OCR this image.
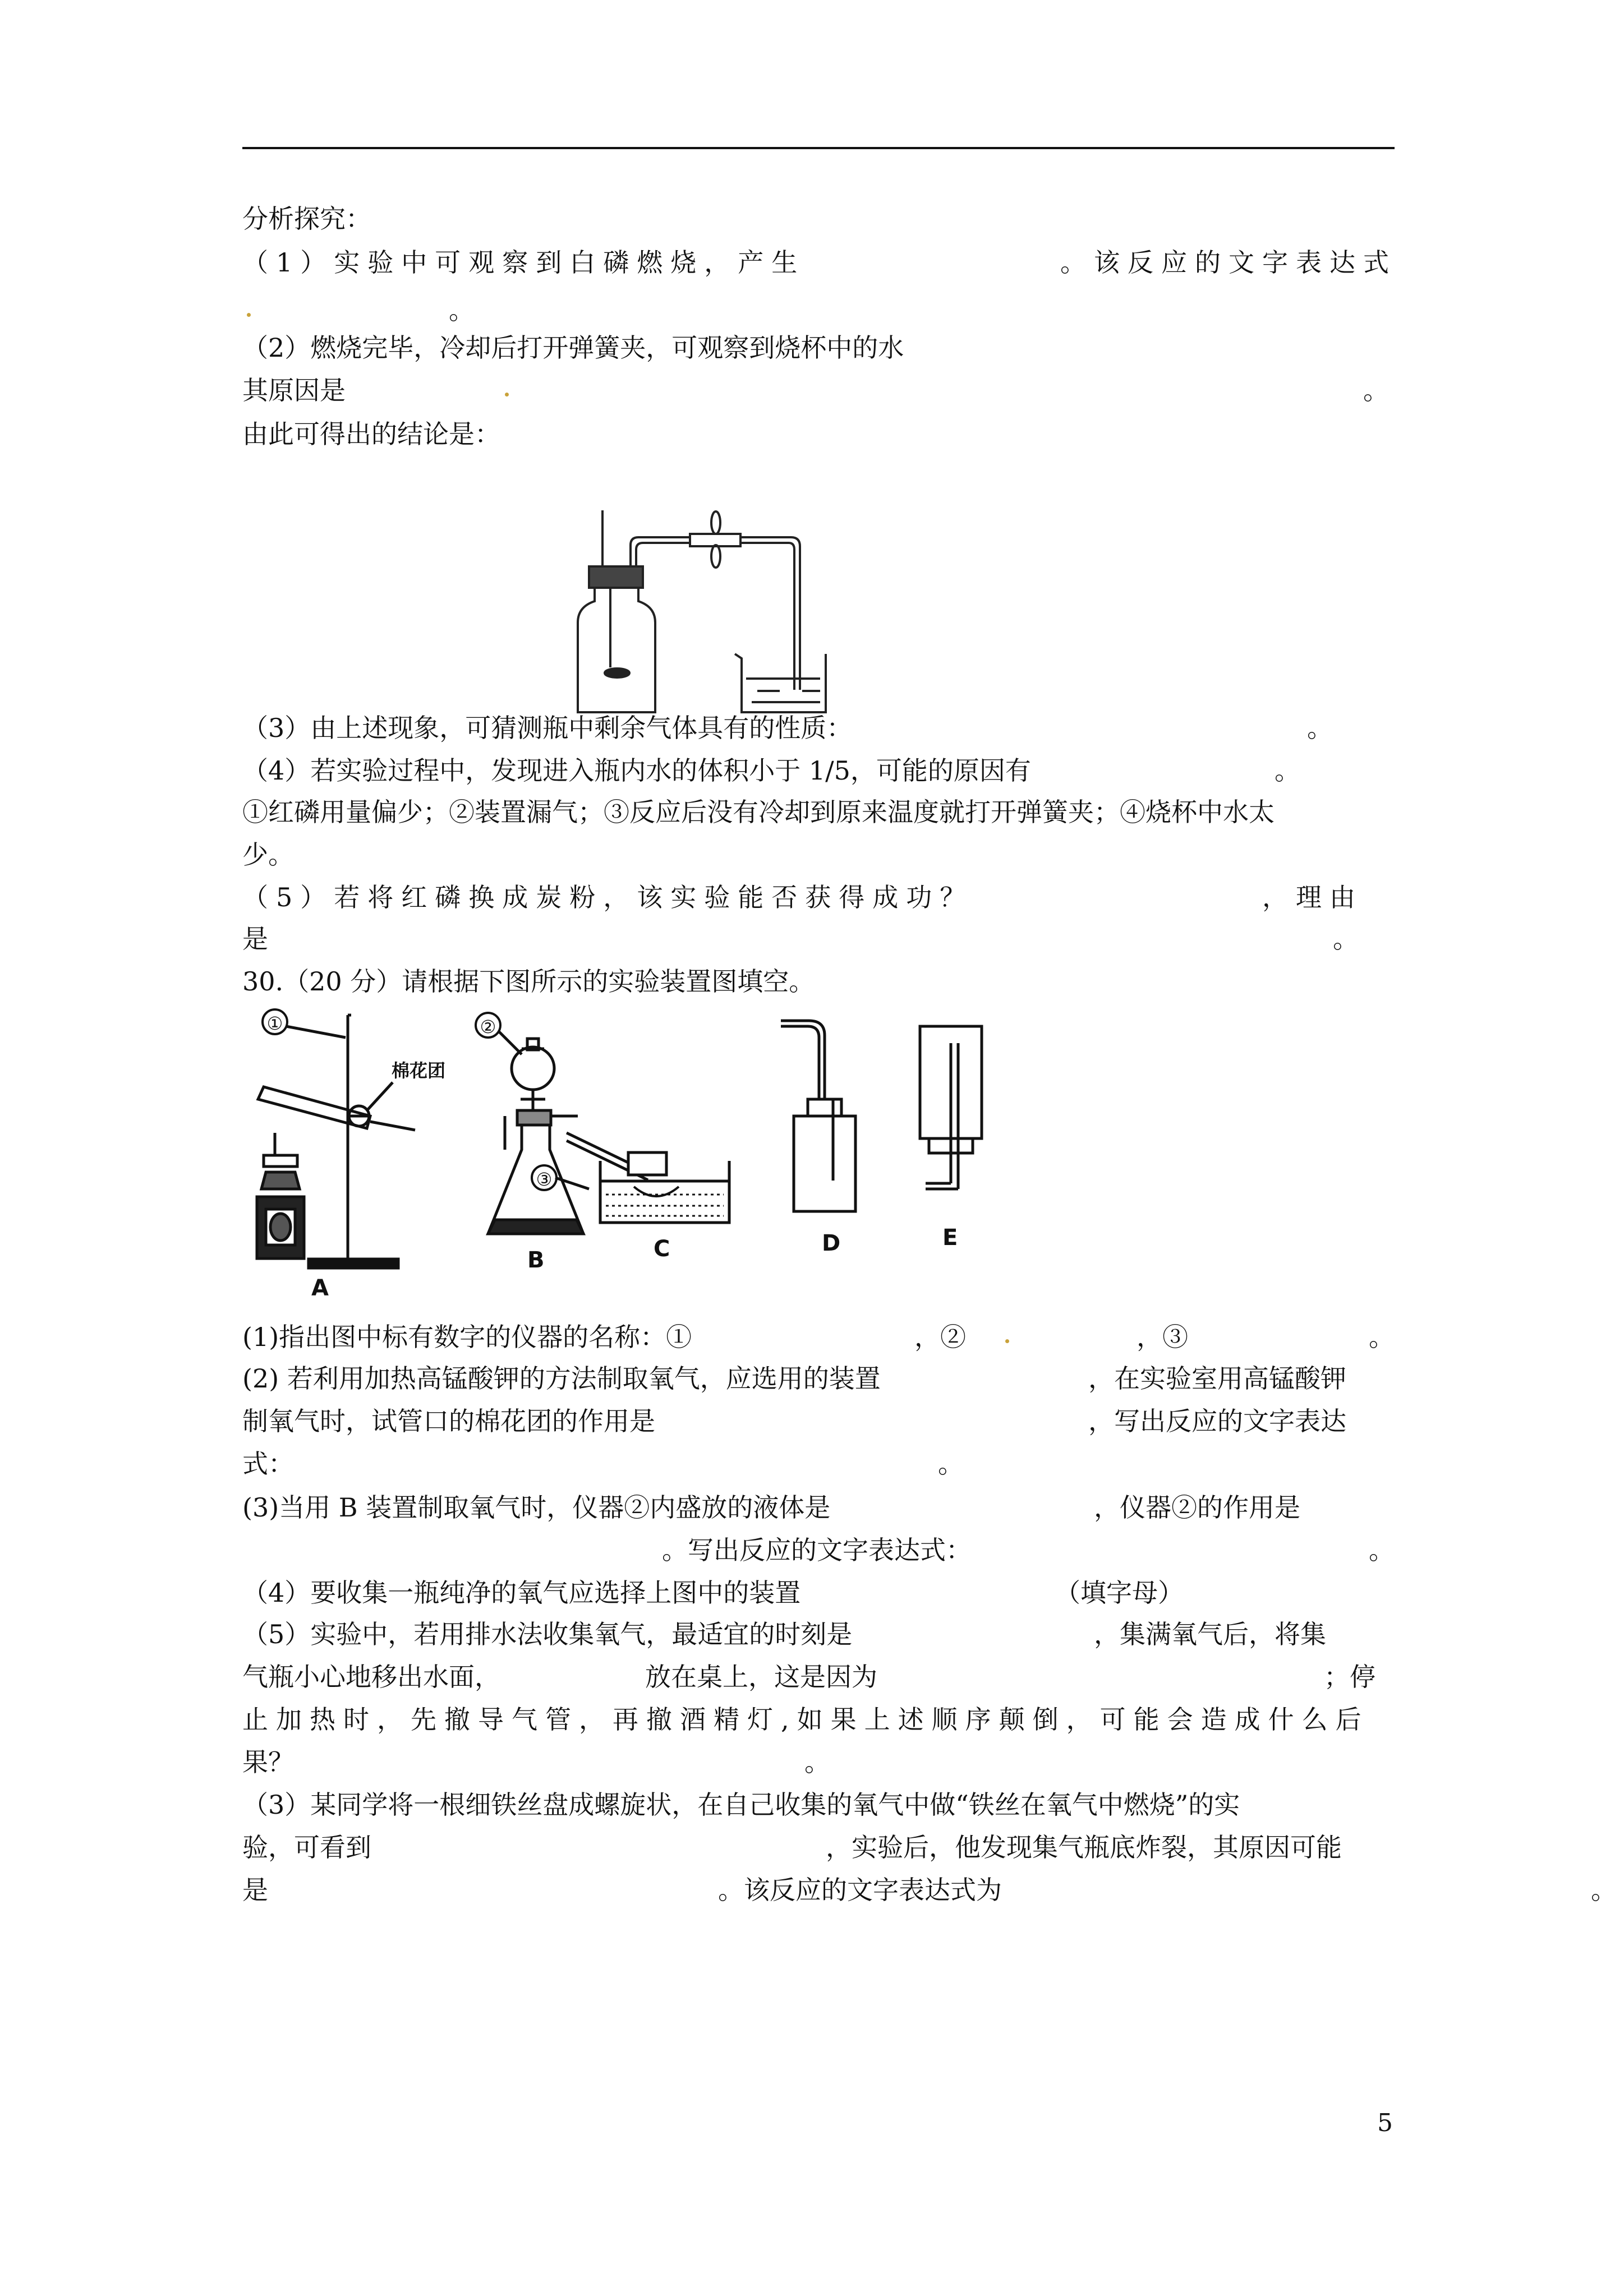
分析探究：
（1）实验中可观察到白磷燃烧，产生	。该反应的文字表达式
。
（2）燃烧完毕，冷却后打开弹簧夹，可观察到烧杯中的水
其原因是	。
由此可得出的结论是：
（3）由上述现象，可猜测瓶中剩余气体具有的性质：	。
（4）若实验过程中，发现进入瓶内水的体积小于 1/5，可能的原因有	。
①红磷用量偏少；②装置漏气；③反应后没有冷却到原来温度就打开弹簧夹；④烧杯中水太
少。
（5）若将红磷换成炭粉，该实验能否获得成功？	，理由
是	。
30.（20 分）请根据下图所示的实验装置图填空。
①	②
③
棉花团
A
B	C	D	E
(1)指出图中标有数字的仪器的名称：①	，②	，③	。
(2) 若利用加热高锰酸钾的方法制取氧气，应选用的装置	，在实验室用高锰酸钾
制氧气时，试管口的棉花团的作用是	，写出反应的文字表达
式：	。
(3)当用 B 装置制取氧气时，仪器②内盛放的液体是	，仪器②的作用是
。写出反应的文字表达式：	。
（4）要收集一瓶纯净的氧气应选择上图中的装置	（填字母）
（5）实验中，若用排水法收集氧气，最适宜的时刻是	，集满氧气后，将集
气瓶小心地移出水面，	放在桌上，这是因为	；停
止加热时，先撤导气管，再撤酒精灯,如果上述顺序颠倒，可能会造成什么后
果？	。
（3）某同学将一根细铁丝盘成螺旋状，在自己收集的氧气中做“铁丝在氧气中燃烧”的实
验，可看到	，实验后，他发现集气瓶底炸裂，其原因可能
是	。该反应的文字表达式为	。
5
